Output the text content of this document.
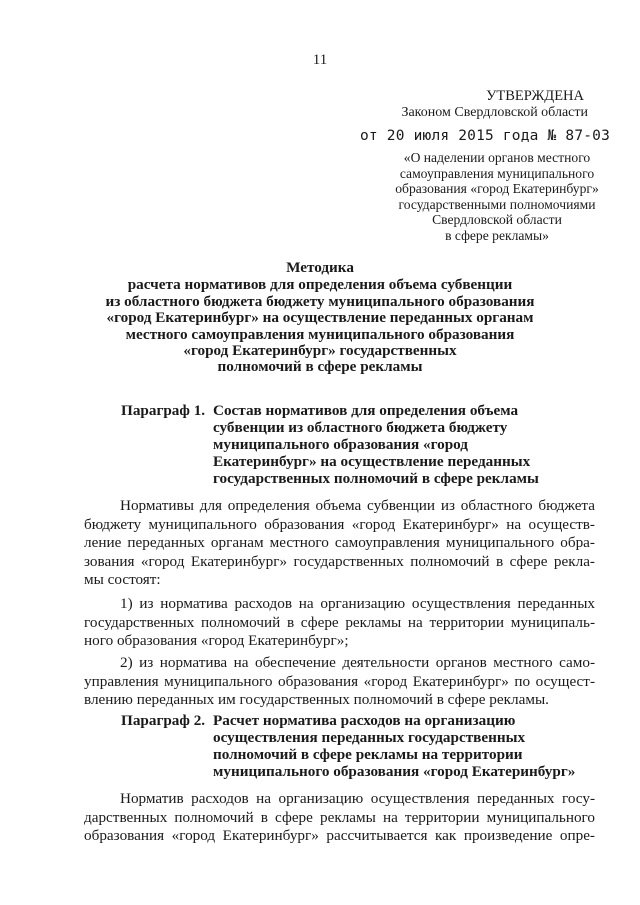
11
УТВЕРЖДЕНА
Законом Свердловской области
от 20 июля 2015 года № 87-03
«О наделении органов местного
самоуправления муниципального
образования «город Екатеринбург»
государственными полномочиями
Свердловской области
в сфере рекламы»
Методика
расчета нормативов для определения объема субвенции
из областного бюджета бюджету муниципального образования
«город Екатеринбург» на осуществление переданных органам
местного самоуправления муниципального образования
«город Екатеринбург» государственных
полномочий в сфере рекламы
Параграф 1. Состав нормативов для определения объема
субвенции из областного бюджета бюджету
муниципального образования «город
Екатеринбург» на осуществление переданных
государственных полномочий в сфере рекламы
Нормативы для определения объема субвенции из областного бюджета
бюджету муниципального образования «город Екатеринбург» на осуществ-
ление переданных органам местного самоуправления муниципального обра-
зования «город Екатеринбург» государственных полномочий в сфере рекла-
мы состоят:
1) из норматива расходов на организацию осуществления переданных
государственных полномочий в сфере рекламы на территории муниципаль-
ного образования «город Екатеринбург»;
2) из норматива на обеспечение деятельности органов местного само-
управления муниципального образования «город Екатеринбург» по осущест-
влению переданных им государственных полномочий в сфере рекламы.
Параграф 2. Расчет норматива расходов на организацию
осуществления переданных государственных
полномочий в сфере рекламы на территории
муниципального образования «город Екатеринбург»
Норматив расходов на организацию осуществления переданных госу-
дарственных полномочий в сфере рекламы на территории муниципального
образования «город Екатеринбург» рассчитывается как произведение опре-
